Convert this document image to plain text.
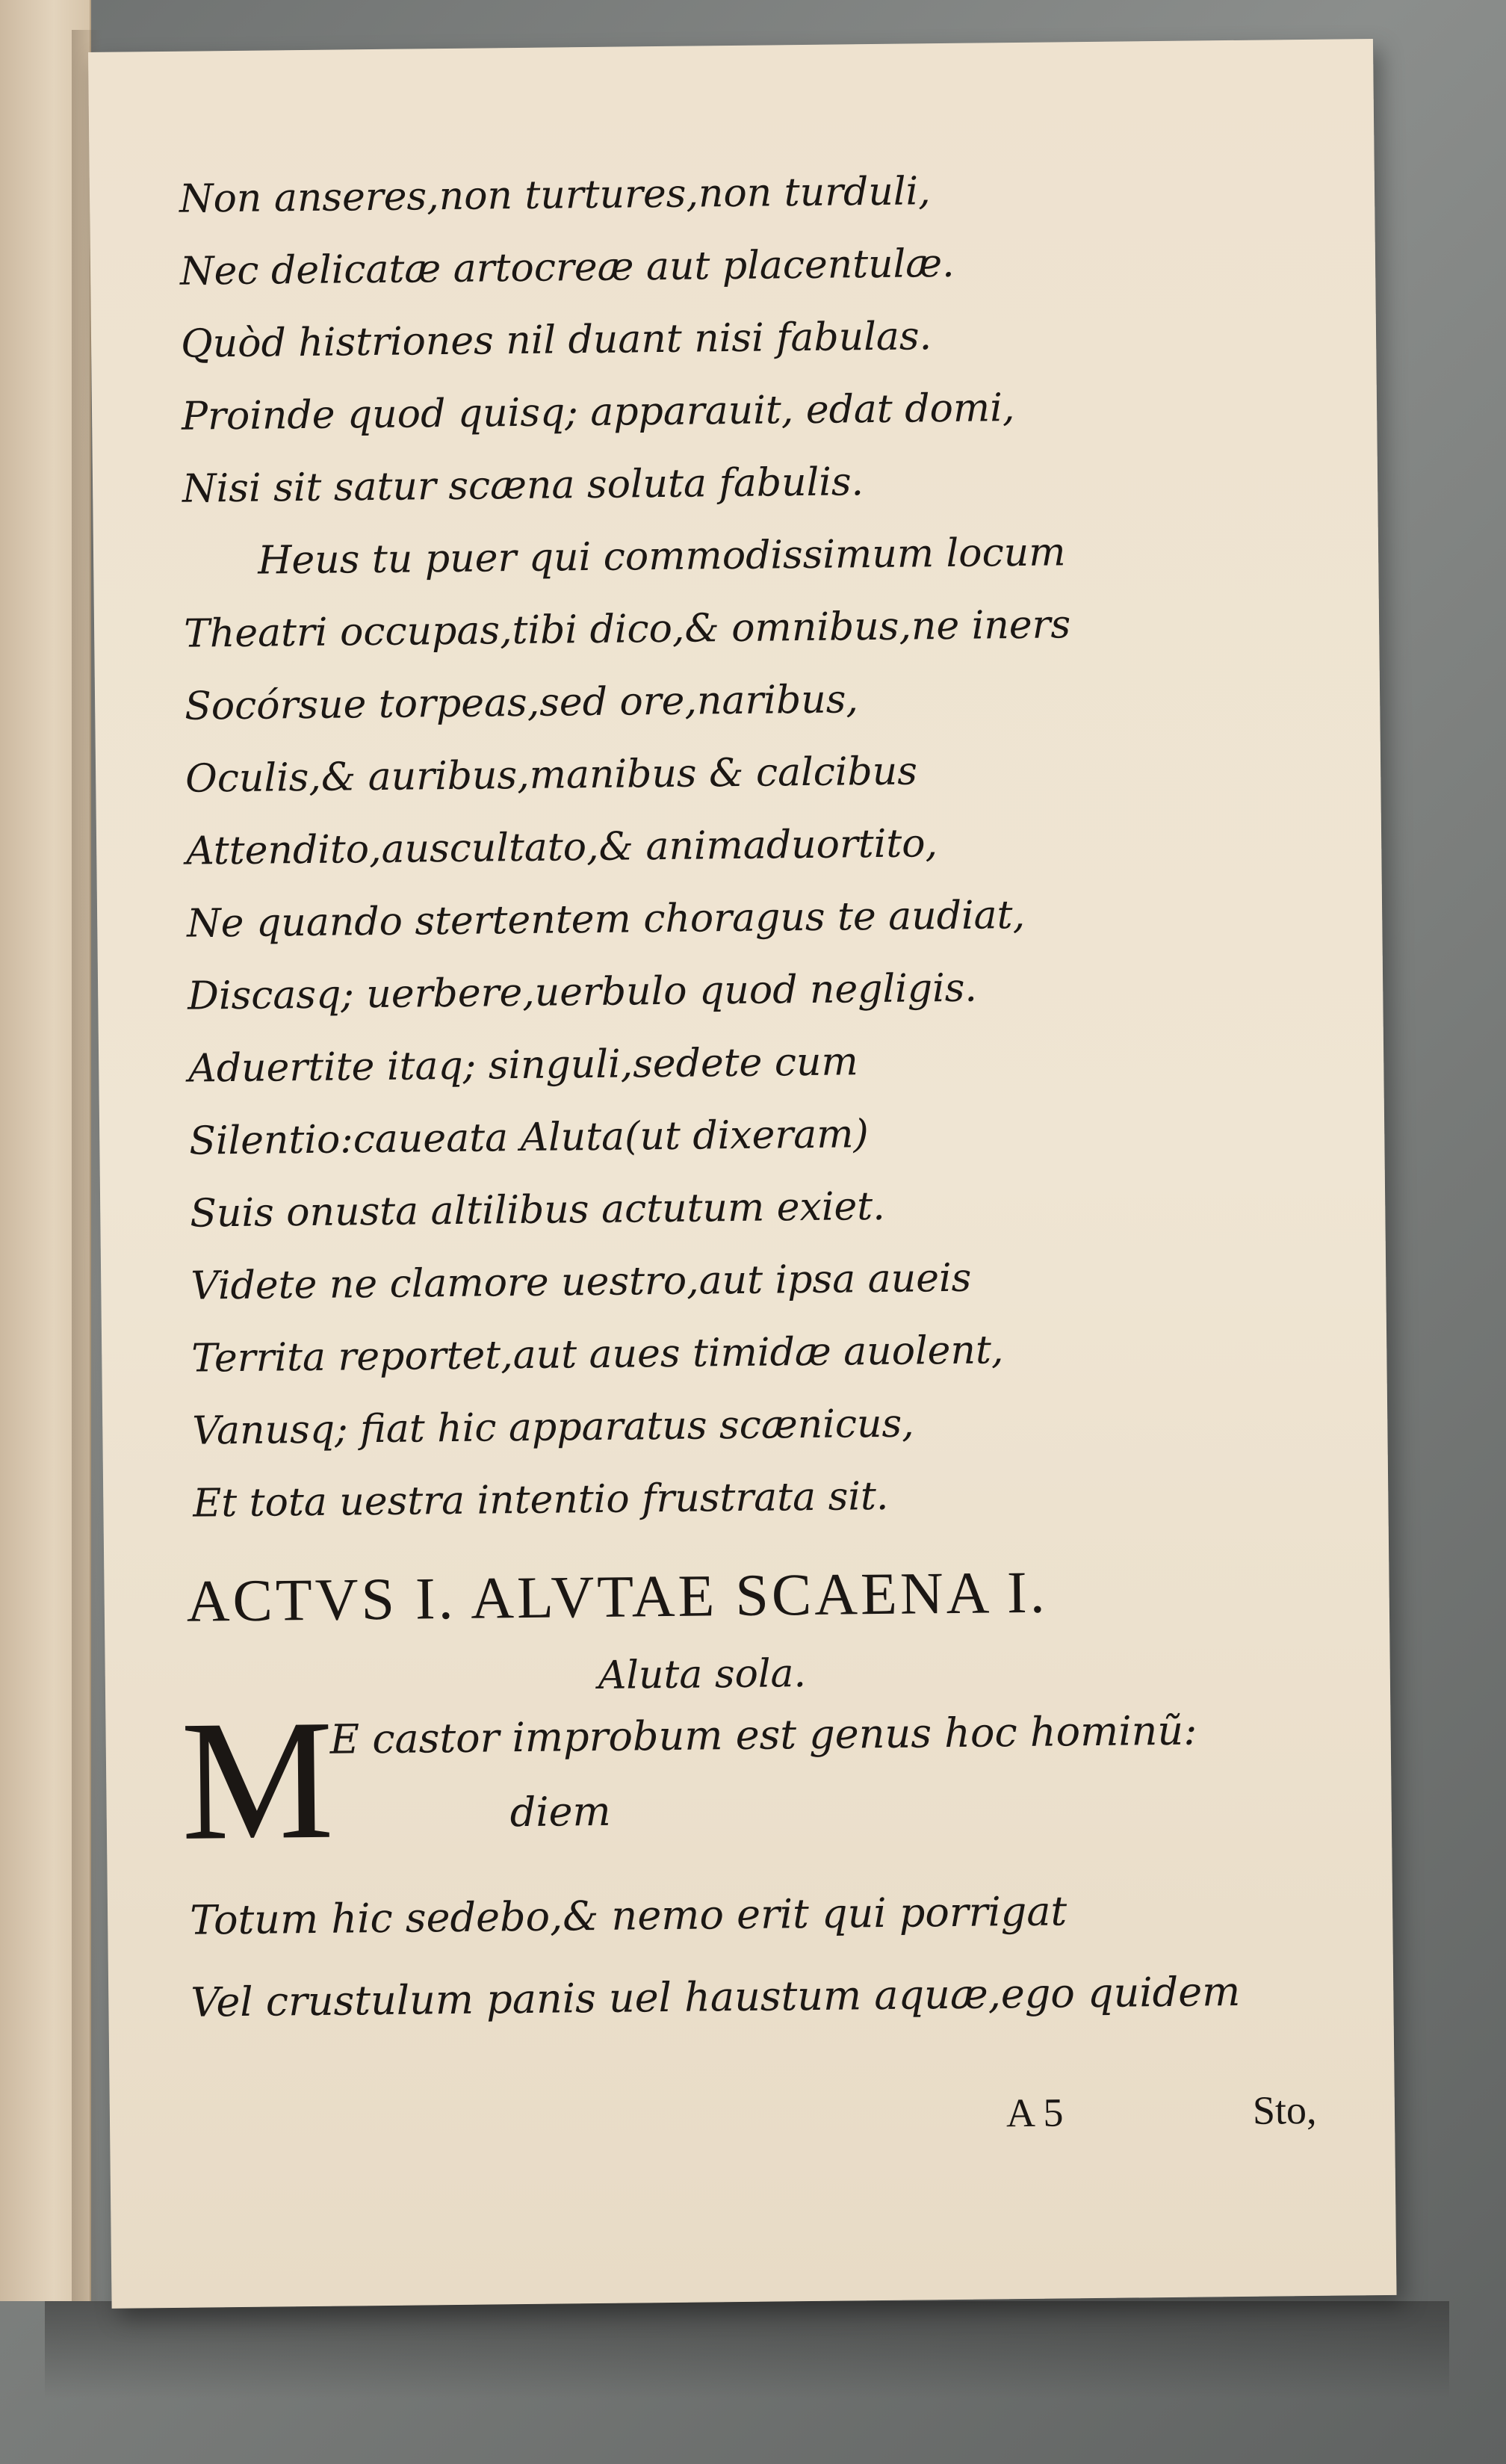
Non anseres,non turtures,non turduli,

Nec delicatæ artocreæ aut placentulæ.

Quòd histriones nil duant nisi fabulas.

Proinde quod quisq; apparauit, edat domi,

Nisi sit satur scæna soluta fabulis.

Heus tu puer qui commodissimum locum

Theatri occupas,tibi dico,& omnibus,ne iners

Socórsue torpeas,sed ore,naribus,

Oculis,& auribus,manibus & calcibus

Attendito,auscultato,& animaduortito,

Ne quando stertentem choragus te audiat,

Discasq; uerbere,uerbulo quod negligis.

Aduertite itaq; singuli,sedete cum

Silentio:caueata Aluta(ut dixeram)

Suis onusta altilibus actutum exiet.

Videte ne clamore uestro,aut ipsa aueis

Territa reportet,aut aues timidæ auolent,

Vanusq; fiat hic apparatus scænicus,

Et tota uestra intentio frustrata sit.

ACTVS I. ALVTAE SCAENA I.
Aluta sola.
M
E castor improbum est genus hoc hominũ:
diem
Totum hic sedebo,& nemo erit qui porrigat
Vel crustulum panis uel haustum aquæ,ego quidem
A 5	Sto,
